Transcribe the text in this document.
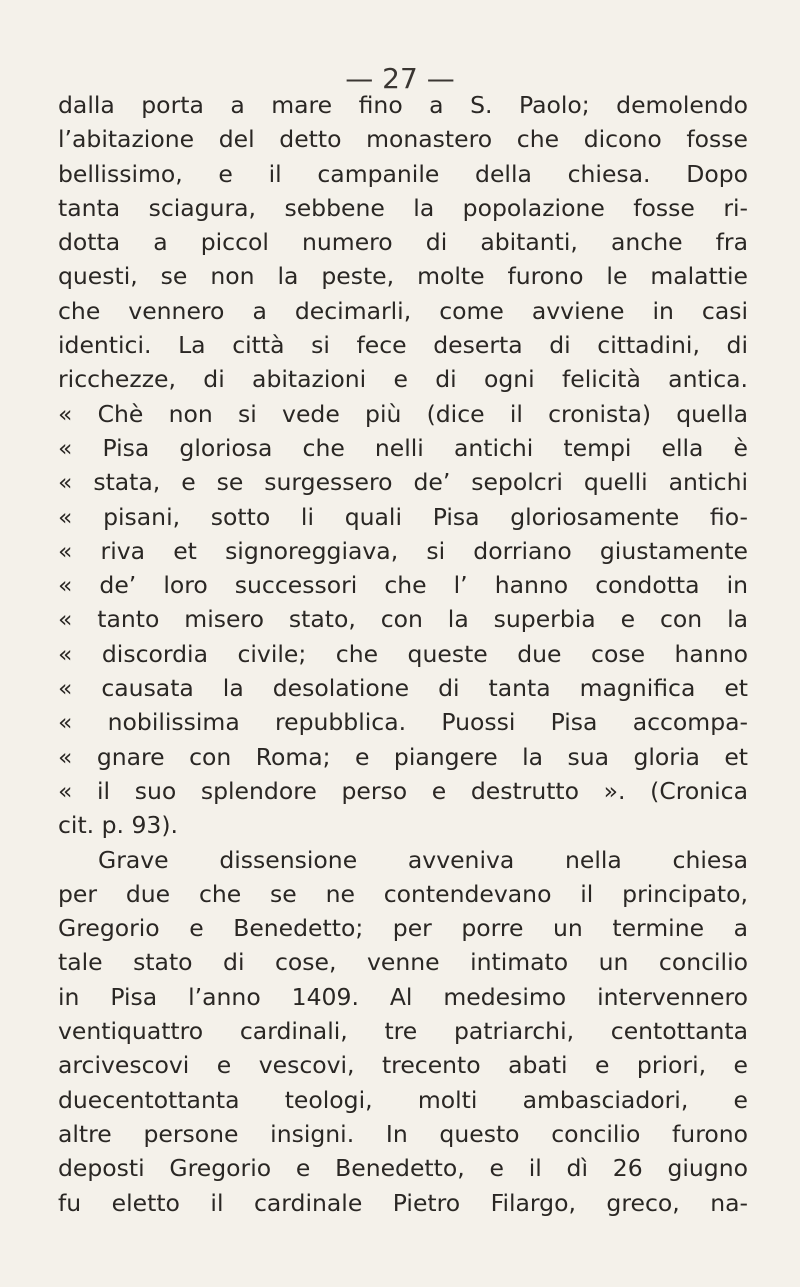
— 27 —
dalla porta a mare fino a S. Paolo; demolendo
l’abitazione del detto monastero che dicono fosse
bellissimo, e il campanile della chiesa. Dopo
tanta sciagura, sebbene la popolazione fosse ri-
dotta a piccol numero di abitanti, anche fra
questi, se non la peste, molte furono le malattie
che vennero a decimarli, come avviene in casi
identici. La città si fece deserta di cittadini, di
ricchezze, di abitazioni e di ogni felicità antica.
« Chè non si vede più (dice il cronista) quella
« Pisa gloriosa che nelli antichi tempi ella è
« stata, e se surgessero de’ sepolcri quelli antichi
« pisani, sotto li quali Pisa gloriosamente fio-
« riva et signoreggiava, si dorriano giustamente
« de’ loro successori che l’ hanno condotta in
« tanto misero stato, con la superbia e con la
« discordia civile; che queste due cose hanno
« causata la desolatione di tanta magnifica et
« nobilissima repubblica. Puossi Pisa accompa-
« gnare con Roma; e piangere la sua gloria et
« il suo splendore perso e destrutto ». (Cronica
cit. p. 93).
Grave dissensione avveniva nella chiesa
per due che se ne contendevano il principato,
Gregorio e Benedetto; per porre un termine a
tale stato di cose, venne intimato un concilio
in Pisa l’anno 1409. Al medesimo intervennero
ventiquattro cardinali, tre patriarchi, centottanta
arcivescovi e vescovi, trecento abati e priori, e
duecentottanta teologi, molti ambasciadori, e
altre persone insigni. In questo concilio furono
deposti Gregorio e Benedetto, e il dì 26 giugno
fu eletto il cardinale Pietro Filargo, greco, na-
